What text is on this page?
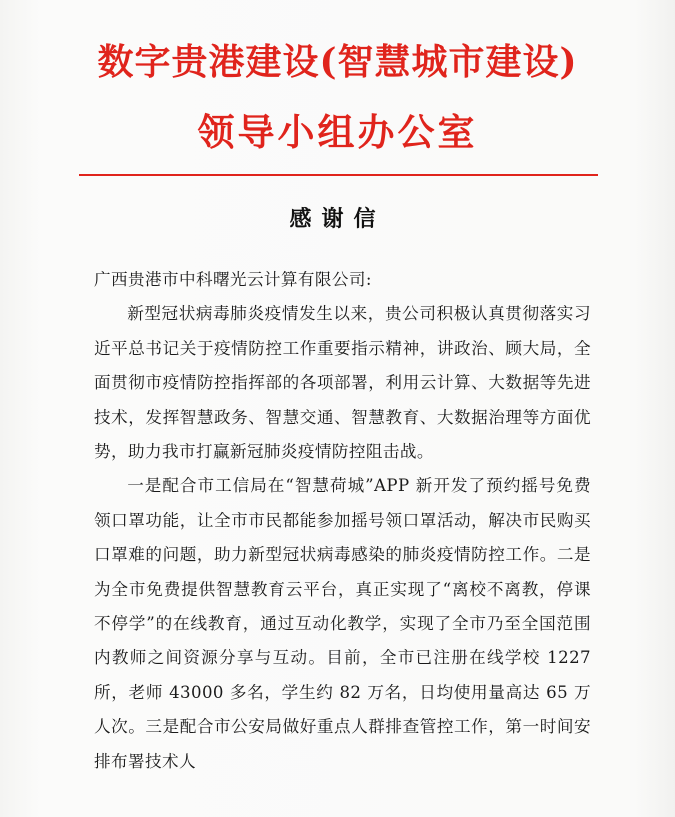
数字贵港建设(智慧城市建设)
领导小组办公室
感谢信

广西贵港市中科曙光云计算有限公司:

新型冠状病毒肺炎疫情发生以来，贵公司积极认真贯彻落实习近平总书记关于疫情防控工作重要指示精神，讲政治、顾大局，全面贯彻市疫情防控指挥部的各项部署，利用云计算、大数据等先进技术，发挥智慧政务、智慧交通、智慧教育、大数据治理等方面优势，助力我市打赢新冠肺炎疫情防控阻击战。

一是配合市工信局在“智慧荷城”APP 新开发了预约摇号免费领口罩功能，让全市市民都能参加摇号领口罩活动，解决市民购买口罩难的问题，助力新型冠状病毒感染的肺炎疫情防控工作。二是为全市免费提供智慧教育云平台，真正实现了“离校不离教，停课不停学”的在线教育，通过互动化教学，实现了全市乃至全国范围内教师之间资源分享与互动。目前，全市已注册在线学校 1227 所，老师 43000 多名，学生约 82 万名，日均使用量高达 65 万人次。三是配合市公安局做好重点人群排查管控工作，第一时间安排布署技术人
